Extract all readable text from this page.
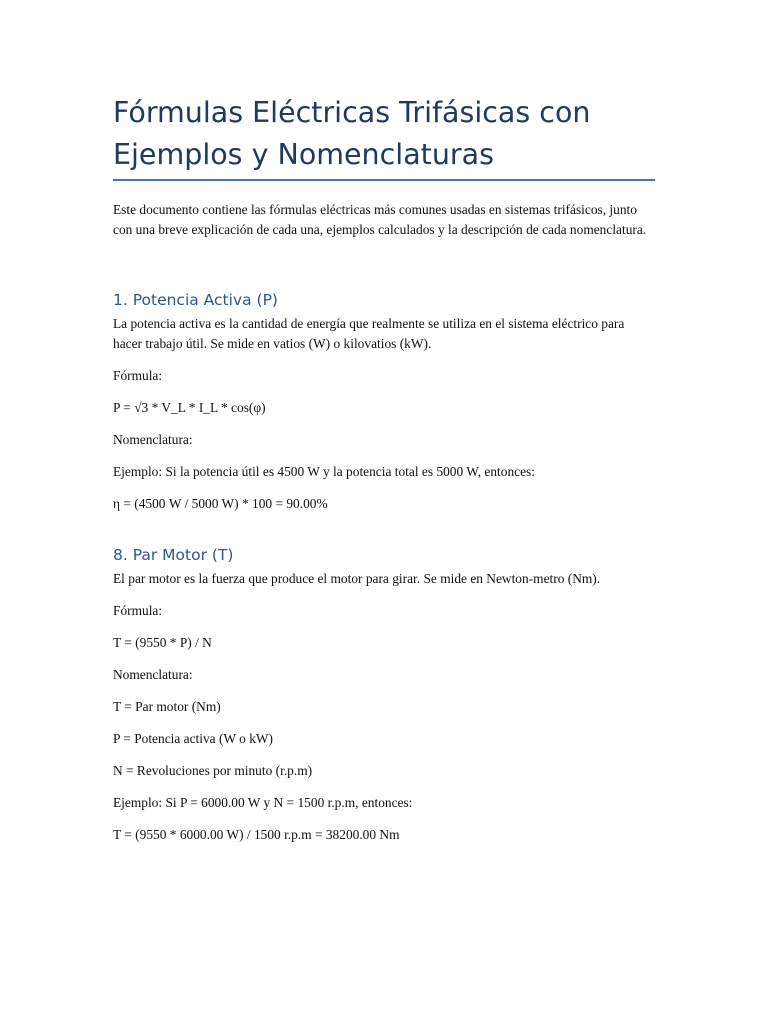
Fórmulas Eléctricas Trifásicas con Ejemplos y Nomenclaturas

Este documento contiene las fórmulas eléctricas más comunes usadas en sistemas trifásicos, junto con una breve explicación de cada una, ejemplos calculados y la descripción de cada nomenclatura.

1. Potencia Activa (P)

La potencia activa es la cantidad de energía que realmente se utiliza en el sistema eléctrico para hacer trabajo útil. Se mide en vatios (W) o kilovatios (kW).

Fórmula:

P = √3 * V_L * I_L * cos(φ)

Nomenclatura:

Ejemplo: Si la potencia útil es 4500 W y la potencia total es 5000 W, entonces:

η = (4500 W / 5000 W) * 100 = 90.00%

8. Par Motor (T)

El par motor es la fuerza que produce el motor para girar. Se mide en Newton-metro (Nm).

Fórmula:

T = (9550 * P) / N

Nomenclatura:

T = Par motor (Nm)

P = Potencia activa (W o kW)

N = Revoluciones por minuto (r.p.m)

Ejemplo: Si P = 6000.00 W y N = 1500 r.p.m, entonces:

T = (9550 * 6000.00 W) / 1500 r.p.m = 38200.00 Nm
